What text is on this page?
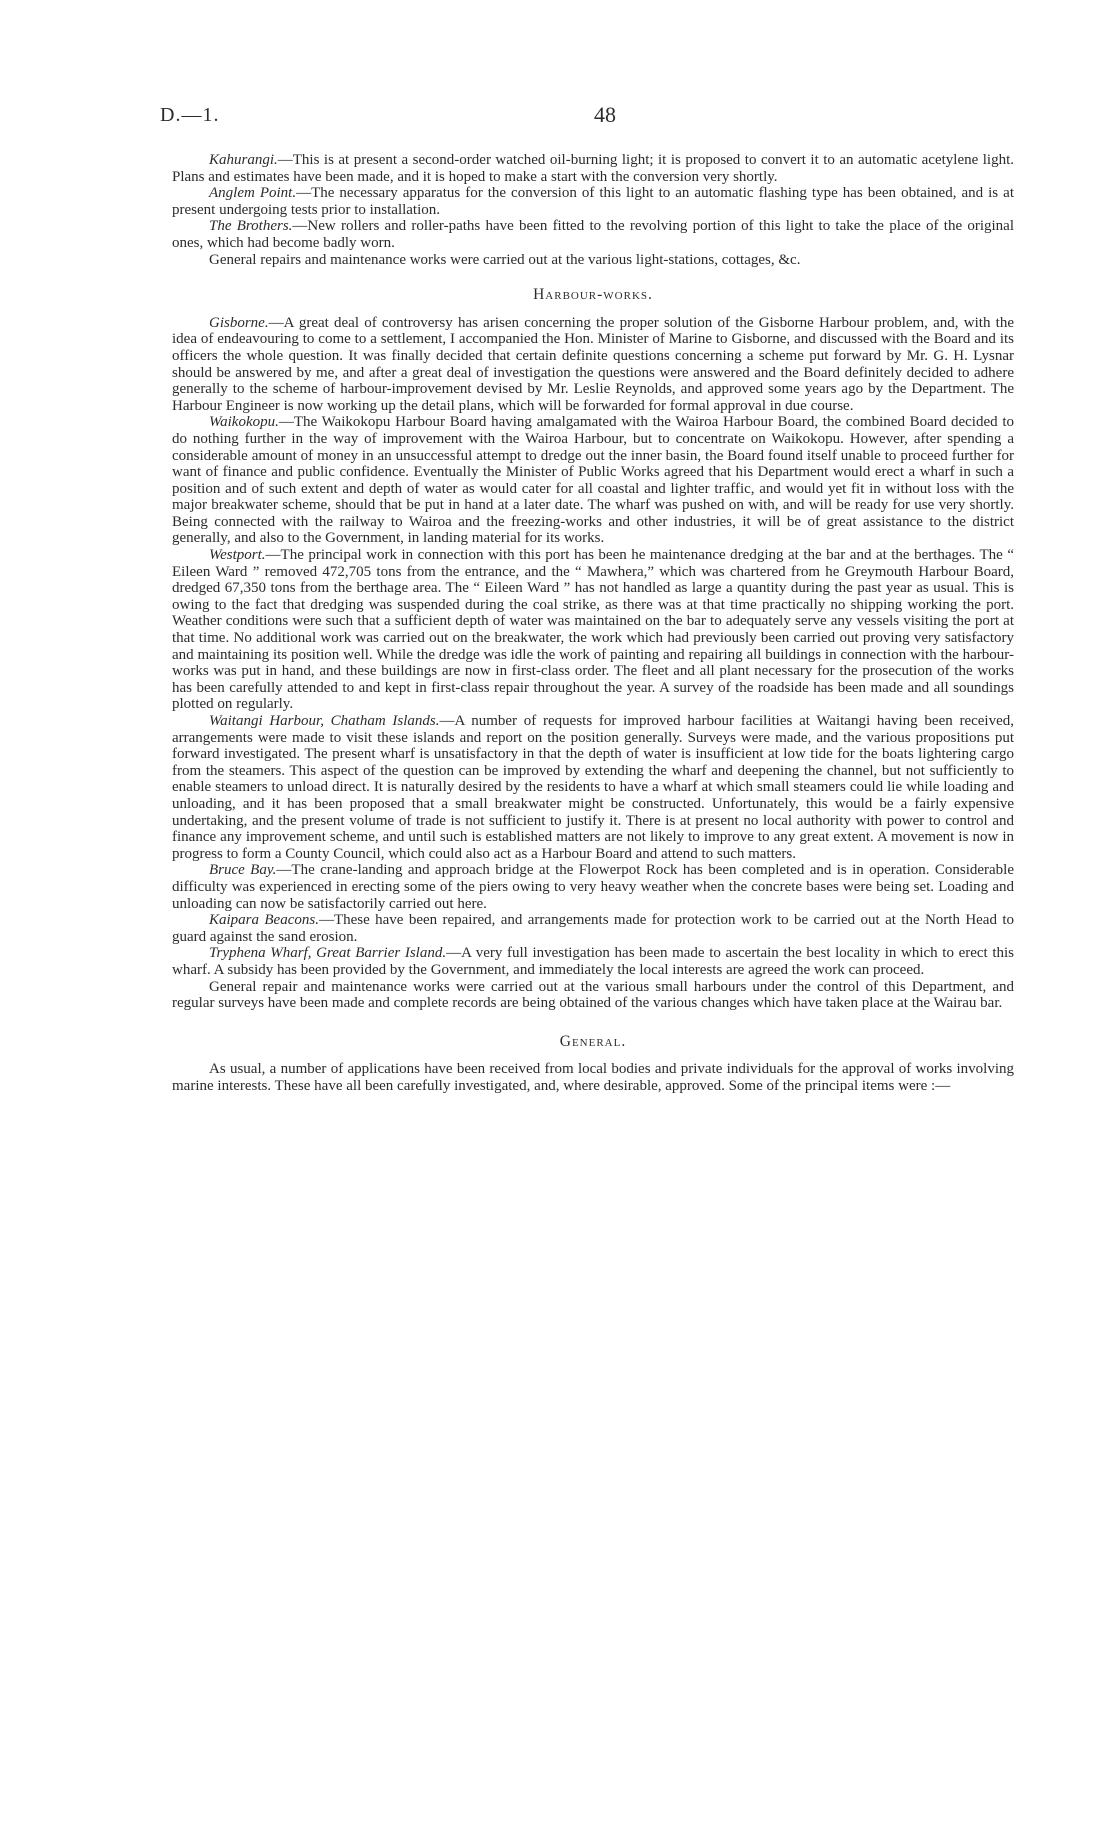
D.—1.	48

Kahurangi.—This is at present a second-order watched oil-burning light; it is proposed to convert it to an automatic acetylene light. Plans and estimates have been made, and it is hoped to make a start with the conversion very shortly.

Anglem Point.—The necessary apparatus for the conversion of this light to an automatic flashing type has been obtained, and is at present undergoing tests prior to installation.

The Brothers.—New rollers and roller-paths have been fitted to the revolving portion of this light to take the place of the original ones, which had become badly worn.

General repairs and maintenance works were carried out at the various light-stations, cottages, &c.

Harbour-works.

Gisborne.—A great deal of controversy has arisen concerning the proper solution of the Gisborne Harbour problem, and, with the idea of endeavouring to come to a settlement, I accompanied the Hon. Minister of Marine to Gisborne, and discussed with the Board and its officers the whole question. It was finally decided that certain definite questions concerning a scheme put forward by Mr. G. H. Lysnar should be answered by me, and after a great deal of investigation the questions were answered and the Board definitely decided to adhere generally to the scheme of harbour-improvement devised by Mr. Leslie Reynolds, and approved some years ago by the Department. The Harbour Engineer is now working up the detail plans, which will be forwarded for formal approval in due course.

Waikokopu.—The Waikokopu Harbour Board having amalgamated with the Wairoa Harbour Board, the combined Board decided to do nothing further in the way of improvement with the Wairoa Harbour, but to concentrate on Waikokopu. However, after spending a considerable amount of money in an unsuccessful attempt to dredge out the inner basin, the Board found itself unable to proceed further for want of finance and public confidence. Eventually the Minister of Public Works agreed that his Department would erect a wharf in such a position and of such extent and depth of water as would cater for all coastal and lighter traffic, and would yet fit in without loss with the major breakwater scheme, should that be put in hand at a later date. The wharf was pushed on with, and will be ready for use very shortly. Being connected with the railway to Wairoa and the freezing-works and other industries, it will be of great assistance to the district generally, and also to the Government, in landing material for its works.

Westport.—The principal work in connection with this port has been he maintenance dredging at the bar and at the berthages. The “ Eileen Ward ” removed 472,705 tons from the entrance, and the “ Mawhera,” which was chartered from he Greymouth Harbour Board, dredged 67,350 tons from the berthage area. The “ Eileen Ward ” has not handled as large a quantity during the past year as usual. This is owing to the fact that dredging was suspended during the coal strike, as there was at that time practically no shipping working the port. Weather conditions were such that a sufficient depth of water was maintained on the bar to adequately serve any vessels visiting the port at that time. No additional work was carried out on the breakwater, the work which had previously been carried out proving very satisfactory and maintaining its position well. While the dredge was idle the work of painting and repairing all buildings in connection with the harbour-works was put in hand, and these buildings are now in first-class order. The fleet and all plant necessary for the prosecution of the works has been carefully attended to and kept in first-class repair throughout the year. A survey of the roadside has been made and all soundings plotted on regularly.

Waitangi Harbour, Chatham Islands.—A number of requests for improved harbour facilities at Waitangi having been received, arrangements were made to visit these islands and report on the position generally. Surveys were made, and the various propositions put forward investigated. The present wharf is unsatisfactory in that the depth of water is insufficient at low tide for the boats lightering cargo from the steamers. This aspect of the question can be improved by extending the wharf and deepening the channel, but not sufficiently to enable steamers to unload direct. It is naturally desired by the residents to have a wharf at which small steamers could lie while loading and unloading, and it has been proposed that a small breakwater might be constructed. Unfortunately, this would be a fairly expensive undertaking, and the present volume of trade is not sufficient to justify it. There is at present no local authority with power to control and finance any improvement scheme, and until such is established matters are not likely to improve to any great extent. A movement is now in progress to form a County Council, which could also act as a Harbour Board and attend to such matters.

Bruce Bay.—The crane-landing and approach bridge at the Flowerpot Rock has been completed and is in operation. Considerable difficulty was experienced in erecting some of the piers owing to very heavy weather when the concrete bases were being set. Loading and unloading can now be satisfactorily carried out here.

Kaipara Beacons.—These have been repaired, and arrangements made for protection work to be carried out at the North Head to guard against the sand erosion.

Tryphena Wharf, Great Barrier Island.—A very full investigation has been made to ascertain the best locality in which to erect this wharf. A subsidy has been provided by the Government, and immediately the local interests are agreed the work can proceed.

General repair and maintenance works were carried out at the various small harbours under the control of this Department, and regular surveys have been made and complete records are being obtained of the various changes which have taken place at the Wairau bar.

General.

As usual, a number of applications have been received from local bodies and private individuals for the approval of works involving marine interests. These have all been carefully investigated, and, where desirable, approved. Some of the principal items were :—
